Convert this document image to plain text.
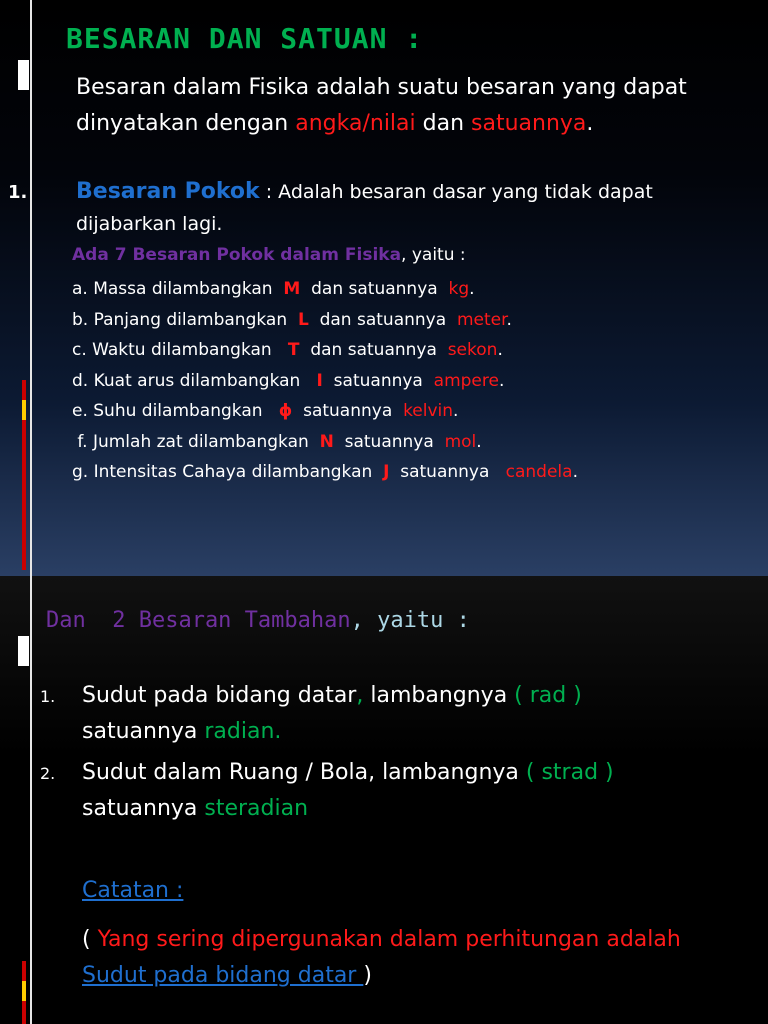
BESARAN DAN SATUAN :
Besaran dalam Fisika adalah suatu besaran yang dapat dinyatakan dengan angka/nilai dan satuannya.
1. Besaran Pokok : Adalah besaran dasar yang tidak dapat dijabarkan lagi.
Ada 7 Besaran Pokok dalam Fisika, yaitu :
a. Massa dilambangkan  M  dan satuannya  kg.
b. Panjang dilambangkan  L  dan satuannya  meter.
c. Waktu dilambangkan   T  dan satuannya  sekon.
d. Kuat arus dilambangkan   I  satuannya  ampere.
e. Suhu dilambangkan   ɸ  satuannya  kelvin.
f. Jumlah zat dilambangkan  N  satuannya  mol.
g. Intensitas Cahaya dilambangkan  J  satuannya   candela.
Dan  2 Besaran Tambahan, yaitu :
1. Sudut pada bidang datar, lambangnya ( rad )
satuannya radian.
2. Sudut dalam Ruang / Bola, lambangnya ( strad )
satuannya steradian
Catatan :
( Yang sering dipergunakan dalam perhitungan adalah Sudut pada bidang datar )
